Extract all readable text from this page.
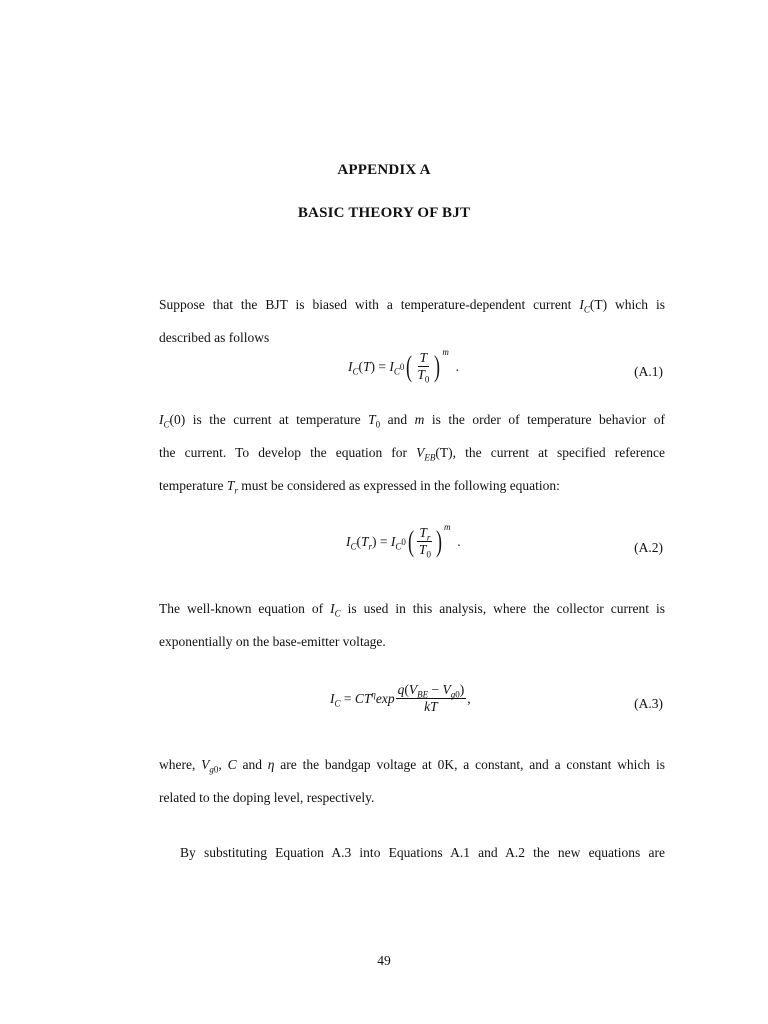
APPENDIX A
BASIC THEORY OF BJT
Suppose that the BJT is biased with a temperature-dependent current $I_C(T)$ which is
described as follows
$I_C$ ( T ) = $I_C$ 0 ( $\frac{T}{T_0}$ ) m
.	(A.1)
$I_C(0)$ is the current at temperature $T_0$ and m is the order of temperature behavior of
the current. To develop the equation for $V_{EB}(T)$, the current at specified reference
temperature $T_r$ must be considered as expressed in the following equation:
$I_C$ ( $T_r$ ) = $I_C$ 0 ( $\frac{T_r}{T_0}$ ) m
.	(A.2)
The well-known equation of $I_C$ is used in this analysis, where the collector current is
exponentially on the base-emitter voltage.
$I_C = CT^\eta\exp \frac{q(V_{BE} - V_{g0})}{kT}$ ,	(A.3)
where, $V_{g0}$, C and η are the bandgap voltage at 0K, a constant, and a constant which is
related to the doping level, respectively.
By substituting Equation A.3 into Equations A.1 and A.2 the new equations are
49
